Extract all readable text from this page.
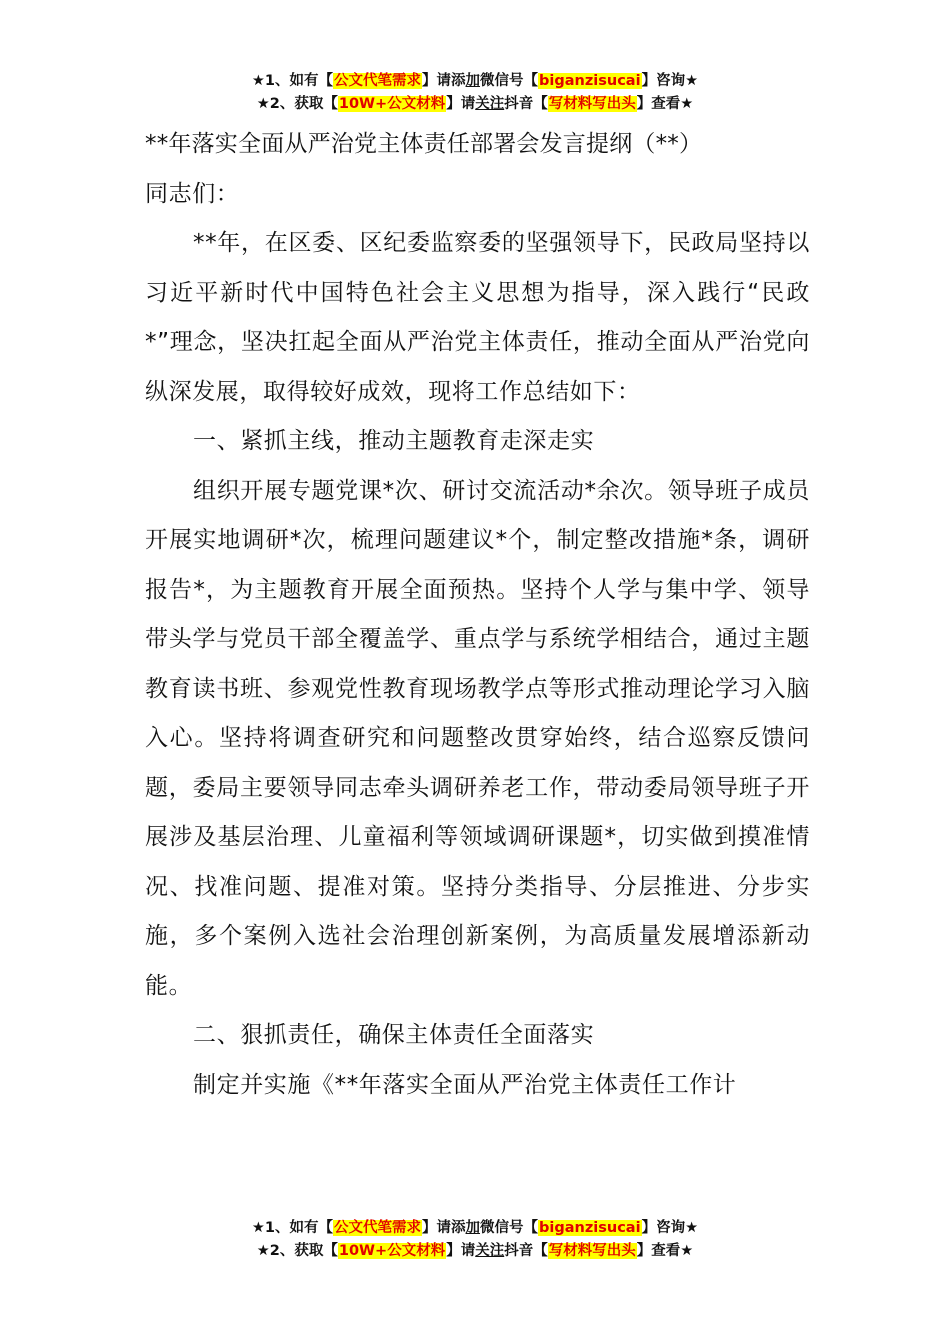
★1、如有【公文代笔需求】请添加微信号【biganzisucai】咨询★
★2、获取【10W+公文材料】请关注抖音【写材料写出头】查看★

**年落实全面从严治党主体责任部署会发言提纲（**）

同志们：

**年，在区委、区纪委监察委的坚强领导下，民政局坚持以习近平新时代中国特色社会主义思想为指导，深入践行“民政*”理念，坚决扛起全面从严治党主体责任，推动全面从严治党向纵深发展，取得较好成效，现将工作总结如下：

一、紧抓主线，推动主题教育走深走实

组织开展专题党课*次、研讨交流活动*余次。领导班子成员开展实地调研*次，梳理问题建议*个，制定整改措施*条，调研报告*，为主题教育开展全面预热。坚持个人学与集中学、领导带头学与党员干部全覆盖学、重点学与系统学相结合，通过主题教育读书班、参观党性教育现场教学点等形式推动理论学习入脑入心。坚持将调查研究和问题整改贯穿始终，结合巡察反馈问题，委局主要领导同志牵头调研养老工作，带动委局领导班子开展涉及基层治理、儿童福利等领域调研课题*，切实做到摸准情况、找准问题、提准对策。坚持分类指导、分层推进、分步实施，多个案例入选社会治理创新案例，为高质量发展增添新动能。

二、狠抓责任，确保主体责任全面落实

制定并实施《**年落实全面从严治党主体责任工作计

★1、如有【公文代笔需求】请添加微信号【biganzisucai】咨询★
★2、获取【10W+公文材料】请关注抖音【写材料写出头】查看★
